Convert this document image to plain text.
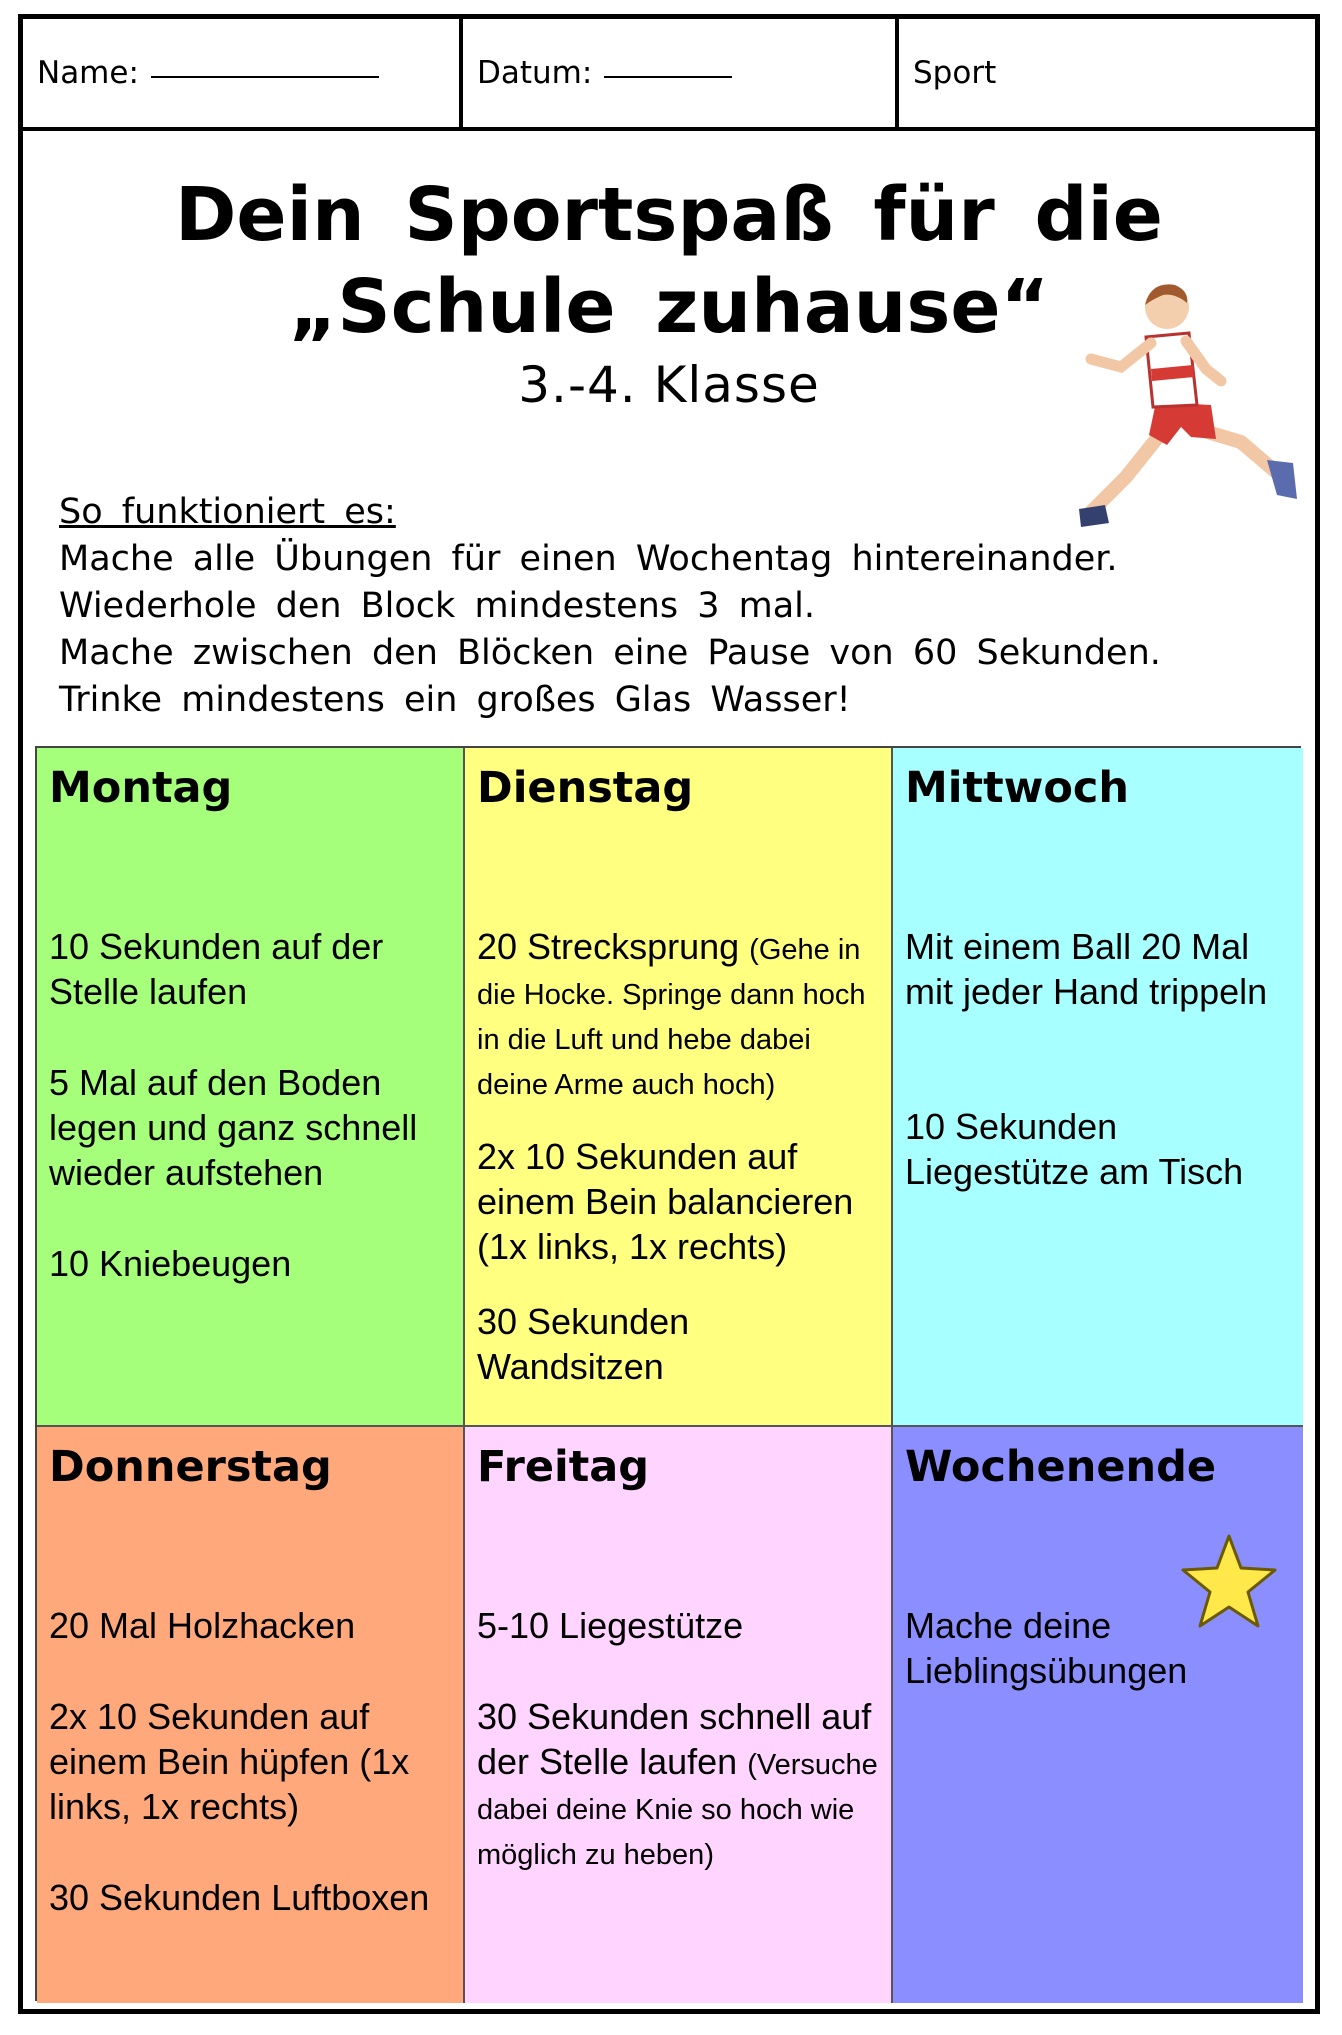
Name:	Datum:	Sport
Dein Sportspaß für die „Schule zuhause“
3.-4. Klasse
So funktioniert es:
Mache alle Übungen für einen Wochentag hintereinander.
Wiederhole den Block mindestens 3 mal.
Mache zwischen den Blöcken eine Pause von 60 Sekunden.
Trinke mindestens ein großes Glas Wasser!
Montag
10 Sekunden auf der Stelle laufen
5 Mal auf den Boden legen und ganz schnell wieder aufstehen
10 Kniebeugen
Dienstag
20 Strecksprung (Gehe in die Hocke. Springe dann hoch in die Luft und hebe dabei deine Arme auch hoch)
2x 10 Sekunden auf einem Bein balancieren (1x links, 1x rechts)
30 Sekunden Wandsitzen
Mittwoch
Mit einem Ball 20 Mal mit jeder Hand trippeln
10 Sekunden Liegestütze am Tisch
Donnerstag
20 Mal Holzhacken
2x 10 Sekunden auf einem Bein hüpfen (1x links, 1x rechts)
30 Sekunden Luftboxen
Freitag
5-10 Liegestütze
30 Sekunden schnell auf der Stelle laufen (Versuche dabei deine Knie so hoch wie möglich zu heben)
Wochenende
Mache deine Lieblingsübungen
